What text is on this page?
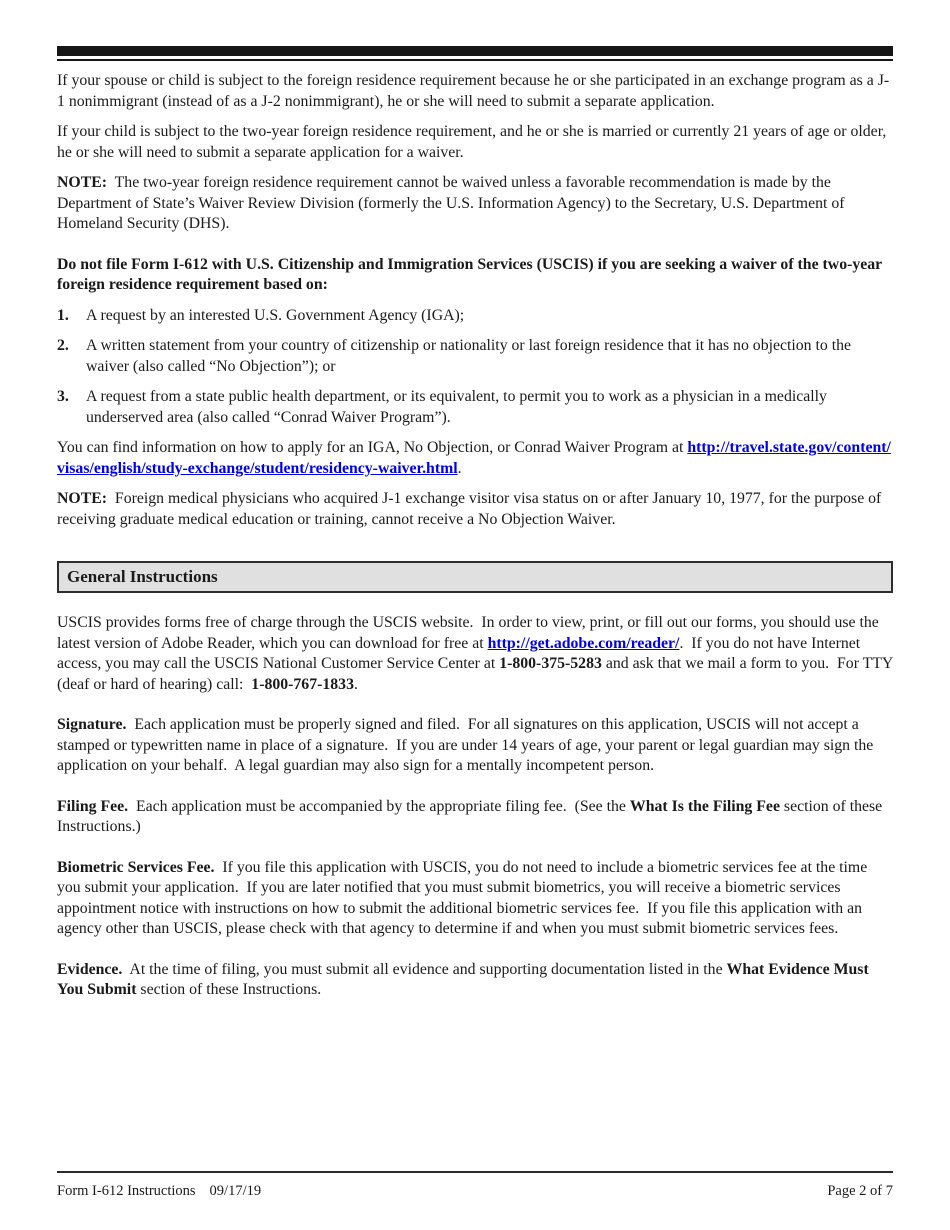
If your spouse or child is subject to the foreign residence requirement because he or she participated in an exchange program as a J-1 nonimmigrant (instead of as a J-2 nonimmigrant), he or she will need to submit a separate application.

If your child is subject to the two-year foreign residence requirement, and he or she is married or currently 21 years of age or older, he or she will need to submit a separate application for a waiver.

NOTE:  The two-year foreign residence requirement cannot be waived unless a favorable recommendation is made by the Department of State’s Waiver Review Division (formerly the U.S. Information Agency) to the Secretary, U.S. Department of Homeland Security (DHS).

Do not file Form I-612 with U.S. Citizenship and Immigration Services (USCIS) if you are seeking a waiver of the two-year foreign residence requirement based on:

1.	A request by an interested U.S. Government Agency (IGA);
2.	A written statement from your country of citizenship or nationality or last foreign residence that it has no objection to the waiver (also called “No Objection”); or
3.	A request from a state public health department, or its equivalent, to permit you to work as a physician in a medically underserved area (also called “Conrad Waiver Program”).

You can find information on how to apply for an IGA, No Objection, or Conrad Waiver Program at http://travel.state.gov/content/visas/english/study-exchange/student/residency-waiver.html.

NOTE:  Foreign medical physicians who acquired J-1 exchange visitor visa status on or after January 10, 1977, for the purpose of receiving graduate medical education or training, cannot receive a No Objection Waiver.

General Instructions

USCIS provides forms free of charge through the USCIS website.  In order to view, print, or fill out our forms, you should use the latest version of Adobe Reader, which you can download for free at http://get.adobe.com/reader/.  If you do not have Internet access, you may call the USCIS National Customer Service Center at 1-800-375-5283 and ask that we mail a form to you.  For TTY (deaf or hard of hearing) call:  1-800-767-1833.

Signature.  Each application must be properly signed and filed.  For all signatures on this application, USCIS will not accept a stamped or typewritten name in place of a signature.  If you are under 14 years of age, your parent or legal guardian may sign the application on your behalf.  A legal guardian may also sign for a mentally incompetent person.

Filing Fee.  Each application must be accompanied by the appropriate filing fee.  (See the What Is the Filing Fee section of these Instructions.)

Biometric Services Fee.  If you file this application with USCIS, you do not need to include a biometric services fee at the time you submit your application.  If you are later notified that you must submit biometrics, you will receive a biometric services appointment notice with instructions on how to submit the additional biometric services fee.  If you file this application with an agency other than USCIS, please check with that agency to determine if and when you must submit biometric services fees.

Evidence.  At the time of filing, you must submit all evidence and supporting documentation listed in the What Evidence Must You Submit section of these Instructions.

Form I-612 Instructions 09/17/19	Page 2 of 7
